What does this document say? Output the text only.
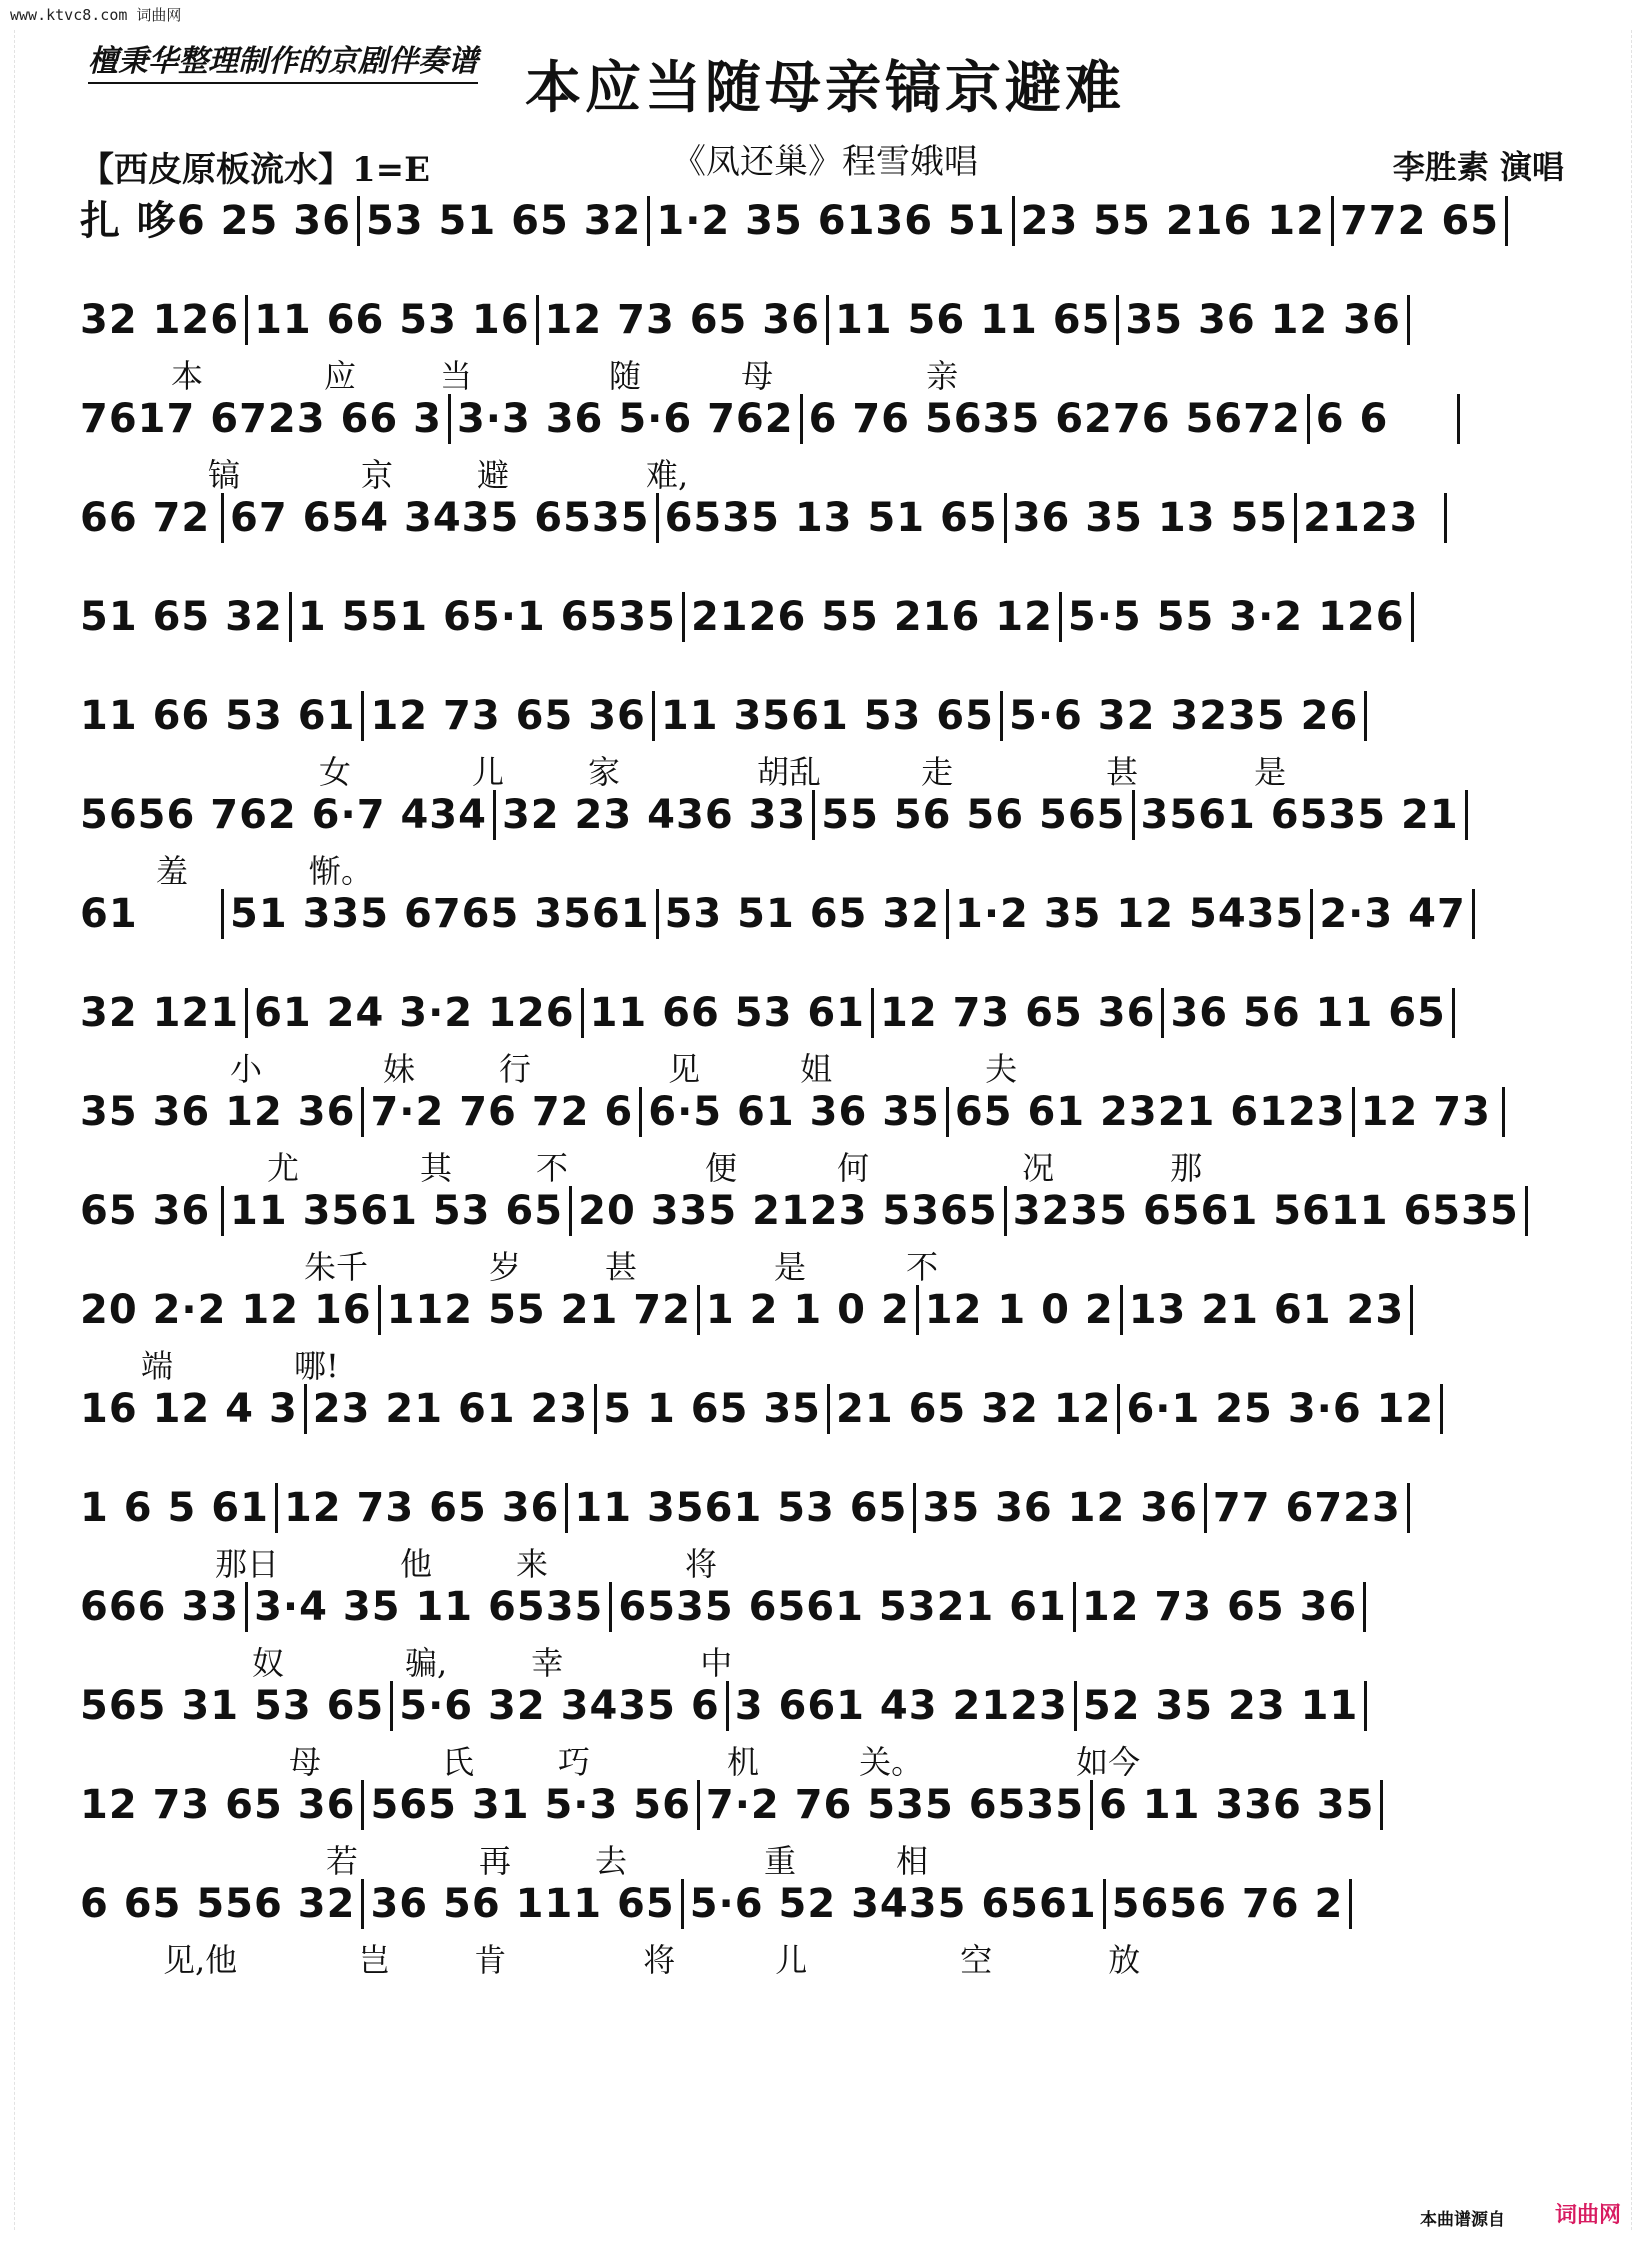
www.ktvc8.com 词曲网
檀秉华整理制作的京剧伴奏谱 本应当随母亲镐京避难
《凤还巢》程雪娥唱
【西皮原板流水】1=E	李胜素 演唱
扎 哆6 25 36 53 51 65 32 1·2 35 6136 51 23 55 216 12 772 65
32 126 11 66 53 16 12 73 65 36 11 56 11 65 35 36 12 36
本	应	当	随	母	亲
7617 6723 66 3 3·3 36 5·6 762 6 76 5635 6276 5672 6 6
镐	京	避	难,
66 72 67 654 3435 6535 6535 13 51 65 36 35 13 55 2123
51 65 32 1 551 65·1 6535 2126 55 216 12 5·5 55 3·2 126
11 66 53 61 12 73 65 36 11 3561 53 65 5·6 32 3235 26
女	儿	家	胡乱	走	甚	是
5656 762 6·7 434 32 23 436 33 55 56 56 565 3561 6535 21
羞	惭。
61 51 335 6765 3561 53 51 65 32 1·2 35 12 5435 2·3 47
32 121 61 24 3·2 126 11 66 53 61 12 73 65 36 36 56 11 65
小	妹	行	见	姐	夫
35 36 12 36 7·2 76 72 6 6·5 61 36 35 65 61 2321 6123 12 73
尤	其	不	便	何	况	那
65 36 11 3561 53 65 20 335 2123 5365 3235 6561 5611 6535
朱千	岁	甚	是	不
20 2·2 12 16 112 55 21 72 1 2 1 0 2 12 1 0 2 13 21 61 23
端	哪!
16 12 4 3 23 21 61 23 5 1 65 35 21 65 32 12 6·1 25 3·6 12
1 6 5 61 12 73 65 36 11 3561 53 65 35 36 12 36 77 6723
那日	他	来	将
666 33 3·4 35 11 6535 6535 6561 5321 61 12 73 65 36
奴	骗,	幸	中
565 31 53 65 5·6 32 3435 6 3 661 43 2123 52 35 23 11
母	氏	巧	机	关。	如今
12 73 65 36 565 31 5·3 56 7·2 76 535 6535 6 11 336 35
若	再	去	重	相
6 65 556 32 36 56 111 65 5·6 52 3435 6561 5656 76 2
见,他	岂	肯	将	儿	空	放
本曲谱源自 词曲网
